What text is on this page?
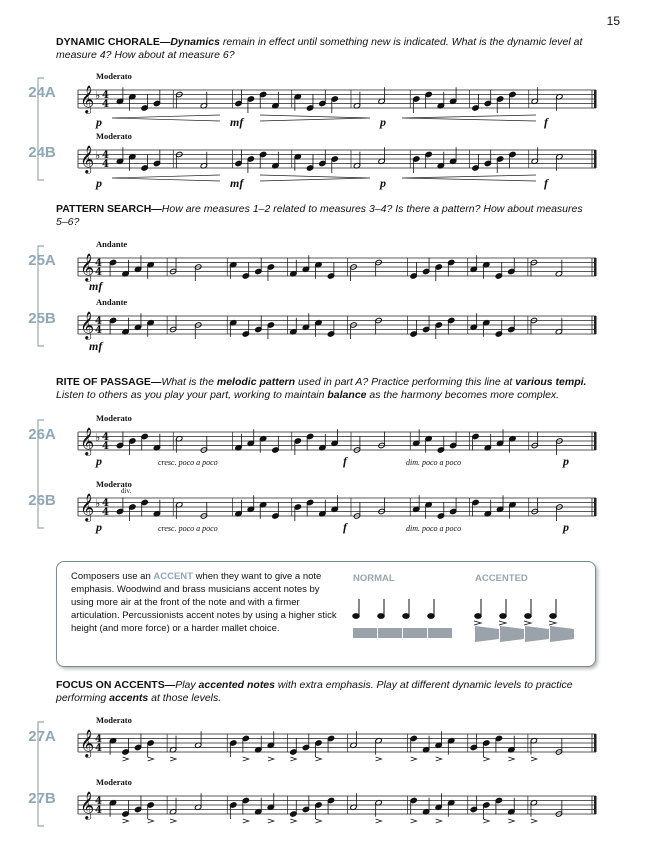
15
DYNAMIC CHORALE—Dynamics remain in effect until something new is indicated. What is the dynamic level at measure 4? How about at measure 6?
PATTERN SEARCH—How are measures 1–2 related to measures 3–4? Is there a pattern? How about measures 5–6?
RITE OF PASSAGE—What is the melodic pattern used in part A? Practice performing this line at various tempi. Listen to others as you play your part, working to maintain balance as the harmony becomes more complex.
FOCUS ON ACCENTS—Play accented notes with extra emphasis. Play at different dynamic levels to practice performing accents at those levels.
p	mf	p	f
p	mf	p	f
mf
mf
p	cresc. poco a poco	f	dim. poco a poco	p
div.
p	cresc. poco a poco	f	dim. poco a poco	p

Composers use an ACCENT when they want to give a note emphasis. Woodwind and brass musicians accent notes by using more air at the front of the note and with a firmer articulation. Percussionists accent notes by using a higher stick height (and more force) or a harder mallet choice.

NORMAL	ACCENTED
𝄞 ♭ 4
4
𝄞 ♭ 4
4
𝄞 4
4
𝄞 4
4
𝄞 ♭ 4
4
𝄞 ♭ 4
4
𝄞 4
4
𝄞 4
4
24A
Moderato
24B
Moderato
25A
Andante
25B
Andante
26A
Moderato
26B
Moderato
27A
Moderato
27B
Moderato
